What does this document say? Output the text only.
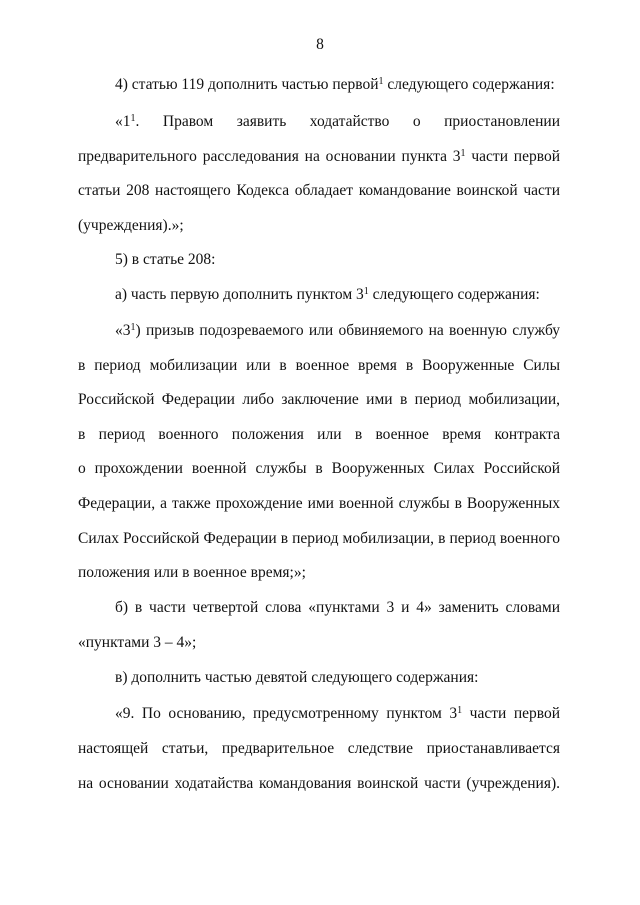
8
4) статью 119 дополнить частью первой$^1$ следующего содержания:
«$1^1$. Правом заявить ходатайство о приостановлении
предварительного расследования на основании пункта $3^1$ части первой
статьи 208 настоящего Кодекса обладает командование воинской части
(учреждения).»;
5) в статье 208:
а) часть первую дополнить пунктом $3^1$ следующего содержания:
«$3^1$) призыв подозреваемого или обвиняемого на военную службу
в период мобилизации или в военное время в Вооруженные Силы
Российской Федерации либо заключение ими в период мобилизации,
в период военного положения или в военное время контракта
о прохождении военной службы в Вооруженных Силах Российской
Федерации, а также прохождение ими военной службы в Вооруженных
Силах Российской Федерации в период мобилизации, в период военного
положения или в военное время;»;
б) в части четвертой слова «пунктами 3 и 4» заменить словами
«пунктами 3 – 4»;
в) дополнить частью девятой следующего содержания:
«9. По основанию, предусмотренному пунктом $3^1$ части первой
настоящей статьи, предварительное следствие приостанавливается
на основании ходатайства командования воинской части (учреждения).
